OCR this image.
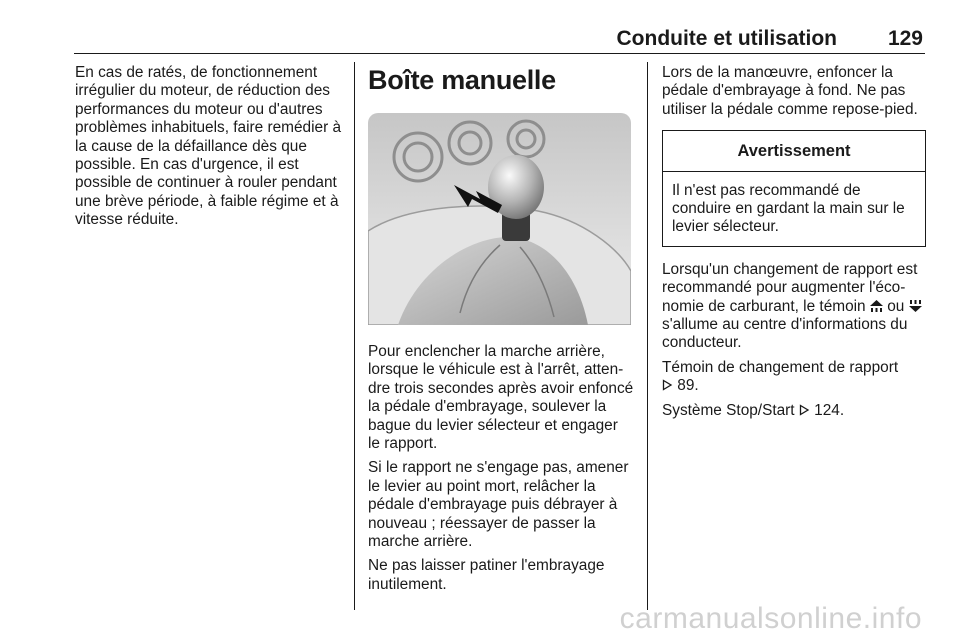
Conduite et utilisation 129

En cas de ratés, de fonctionnement irrégulier du moteur, de réduction des performances du moteur ou d'autres problèmes inhabituels, faire remédier à la cause de la défaillance dès que possible. En cas d'urgence, il est possible de continuer à rouler pendant une brève période, à faible régime et à vitesse réduite.

Boîte manuelle

Pour enclencher la marche arrière, lorsque le véhicule est à l'arrêt, atten-dre trois secondes après avoir enfoncé la pédale d'embrayage, soulever la bague du levier sélecteur et engager le rapport.

Si le rapport ne s'engage pas, amener le levier au point mort, relâcher la pédale d'embrayage puis débrayer à nouveau ; réessayer de passer la marche arrière.

Ne pas laisser patiner l'embrayage inutilement.

Lors de la manœuvre, enfoncer la pédale d'embrayage à fond. Ne pas utiliser la pédale comme repose-pied.

Avertissement
Il n'est pas recommandé de conduire en gardant la main sur le levier sélecteur.

Lorsqu'un changement de rapport est recommandé pour augmenter l'éco-nomie de carburant, le témoin ou  s'allume au centre d'informations du conducteur.

Témoin de changement de rapport
89.

Système Stop/Start 124.

carmanualsonline.info
